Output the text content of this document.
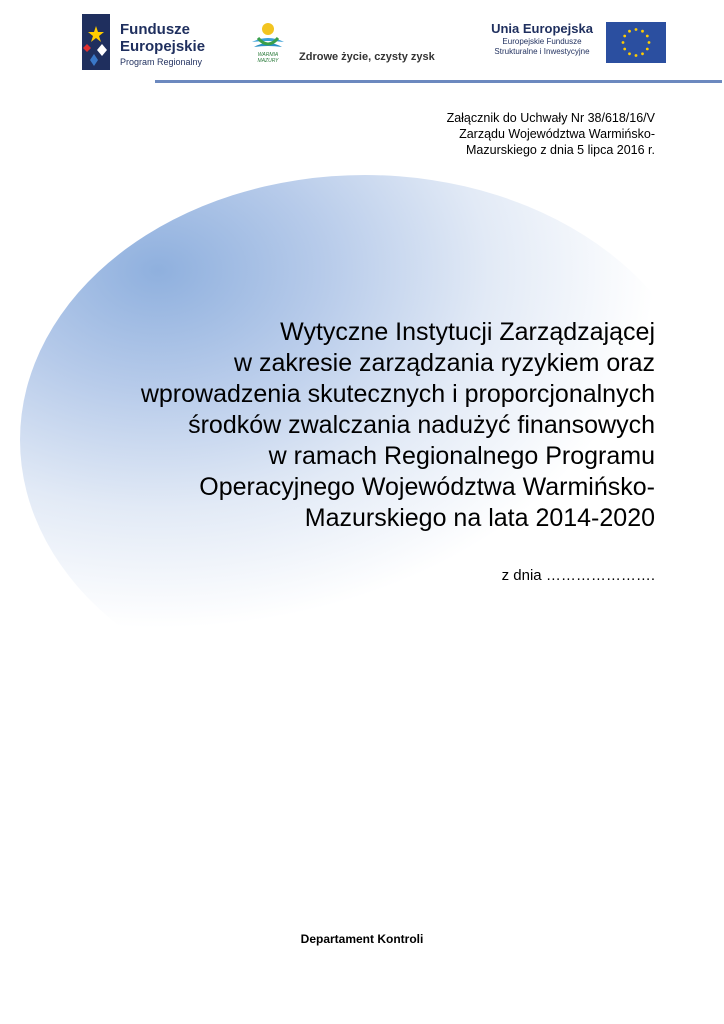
Fundusze
Europejskie
Program Regionalny
WARMIA MAZURY	Zdrowe życie, czysty zysk
Unia Europejska
Europejskie Fundusze
Strukturalne i Inwestycyjne
Załącznik do Uchwały Nr 38/618/16/V
Zarządu Województwa Warmińsko-
Mazurskiego z dnia 5 lipca 2016 r.
Wytyczne Instytucji Zarządzającej
w zakresie zarządzania ryzykiem oraz
wprowadzenia skutecznych i proporcjonalnych
środków zwalczania nadużyć finansowych
w ramach Regionalnego Programu
Operacyjnego Województwa Warmińsko-
Mazurskiego na lata 2014-2020
z dnia ………………….
Departament Kontroli
